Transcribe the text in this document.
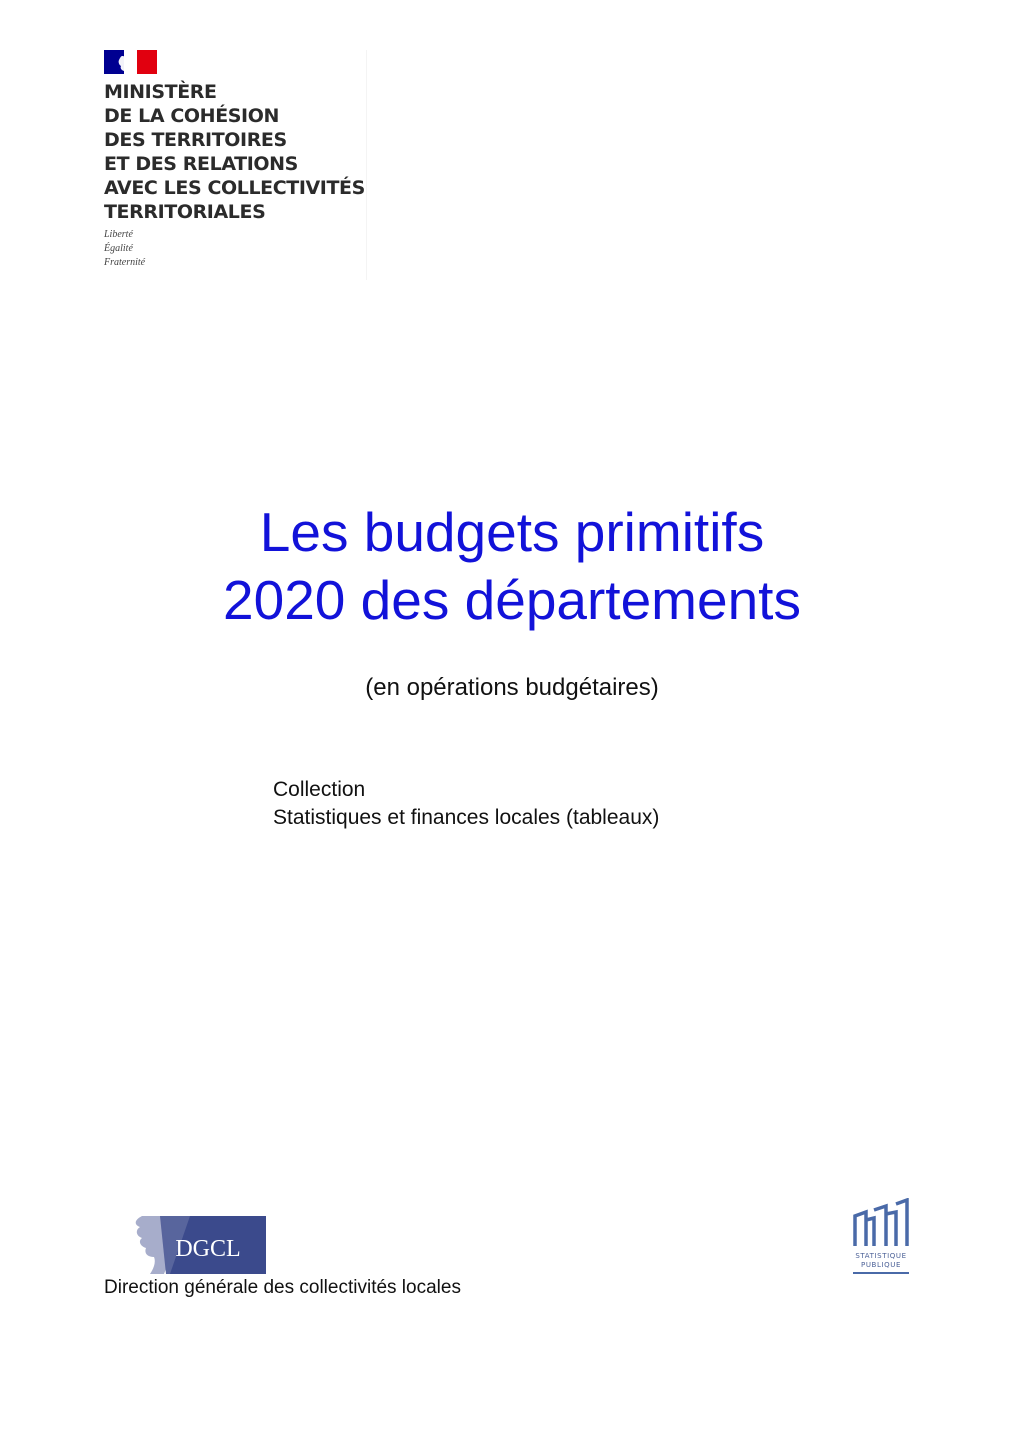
MINISTÈRE
DE LA COHÉSION
DES TERRITOIRES
ET DES RELATIONS
AVEC LES COLLECTIVITÉS
TERRITORIALES
Liberté
Égalité
Fraternité
Les budgets primitifs
2020 des départements
(en opérations budgétaires)
Collection
Statistiques et finances locales (tableaux)
DGCL
Direction générale des collectivités locales
STATISTIQUE
PUBLIQUE
